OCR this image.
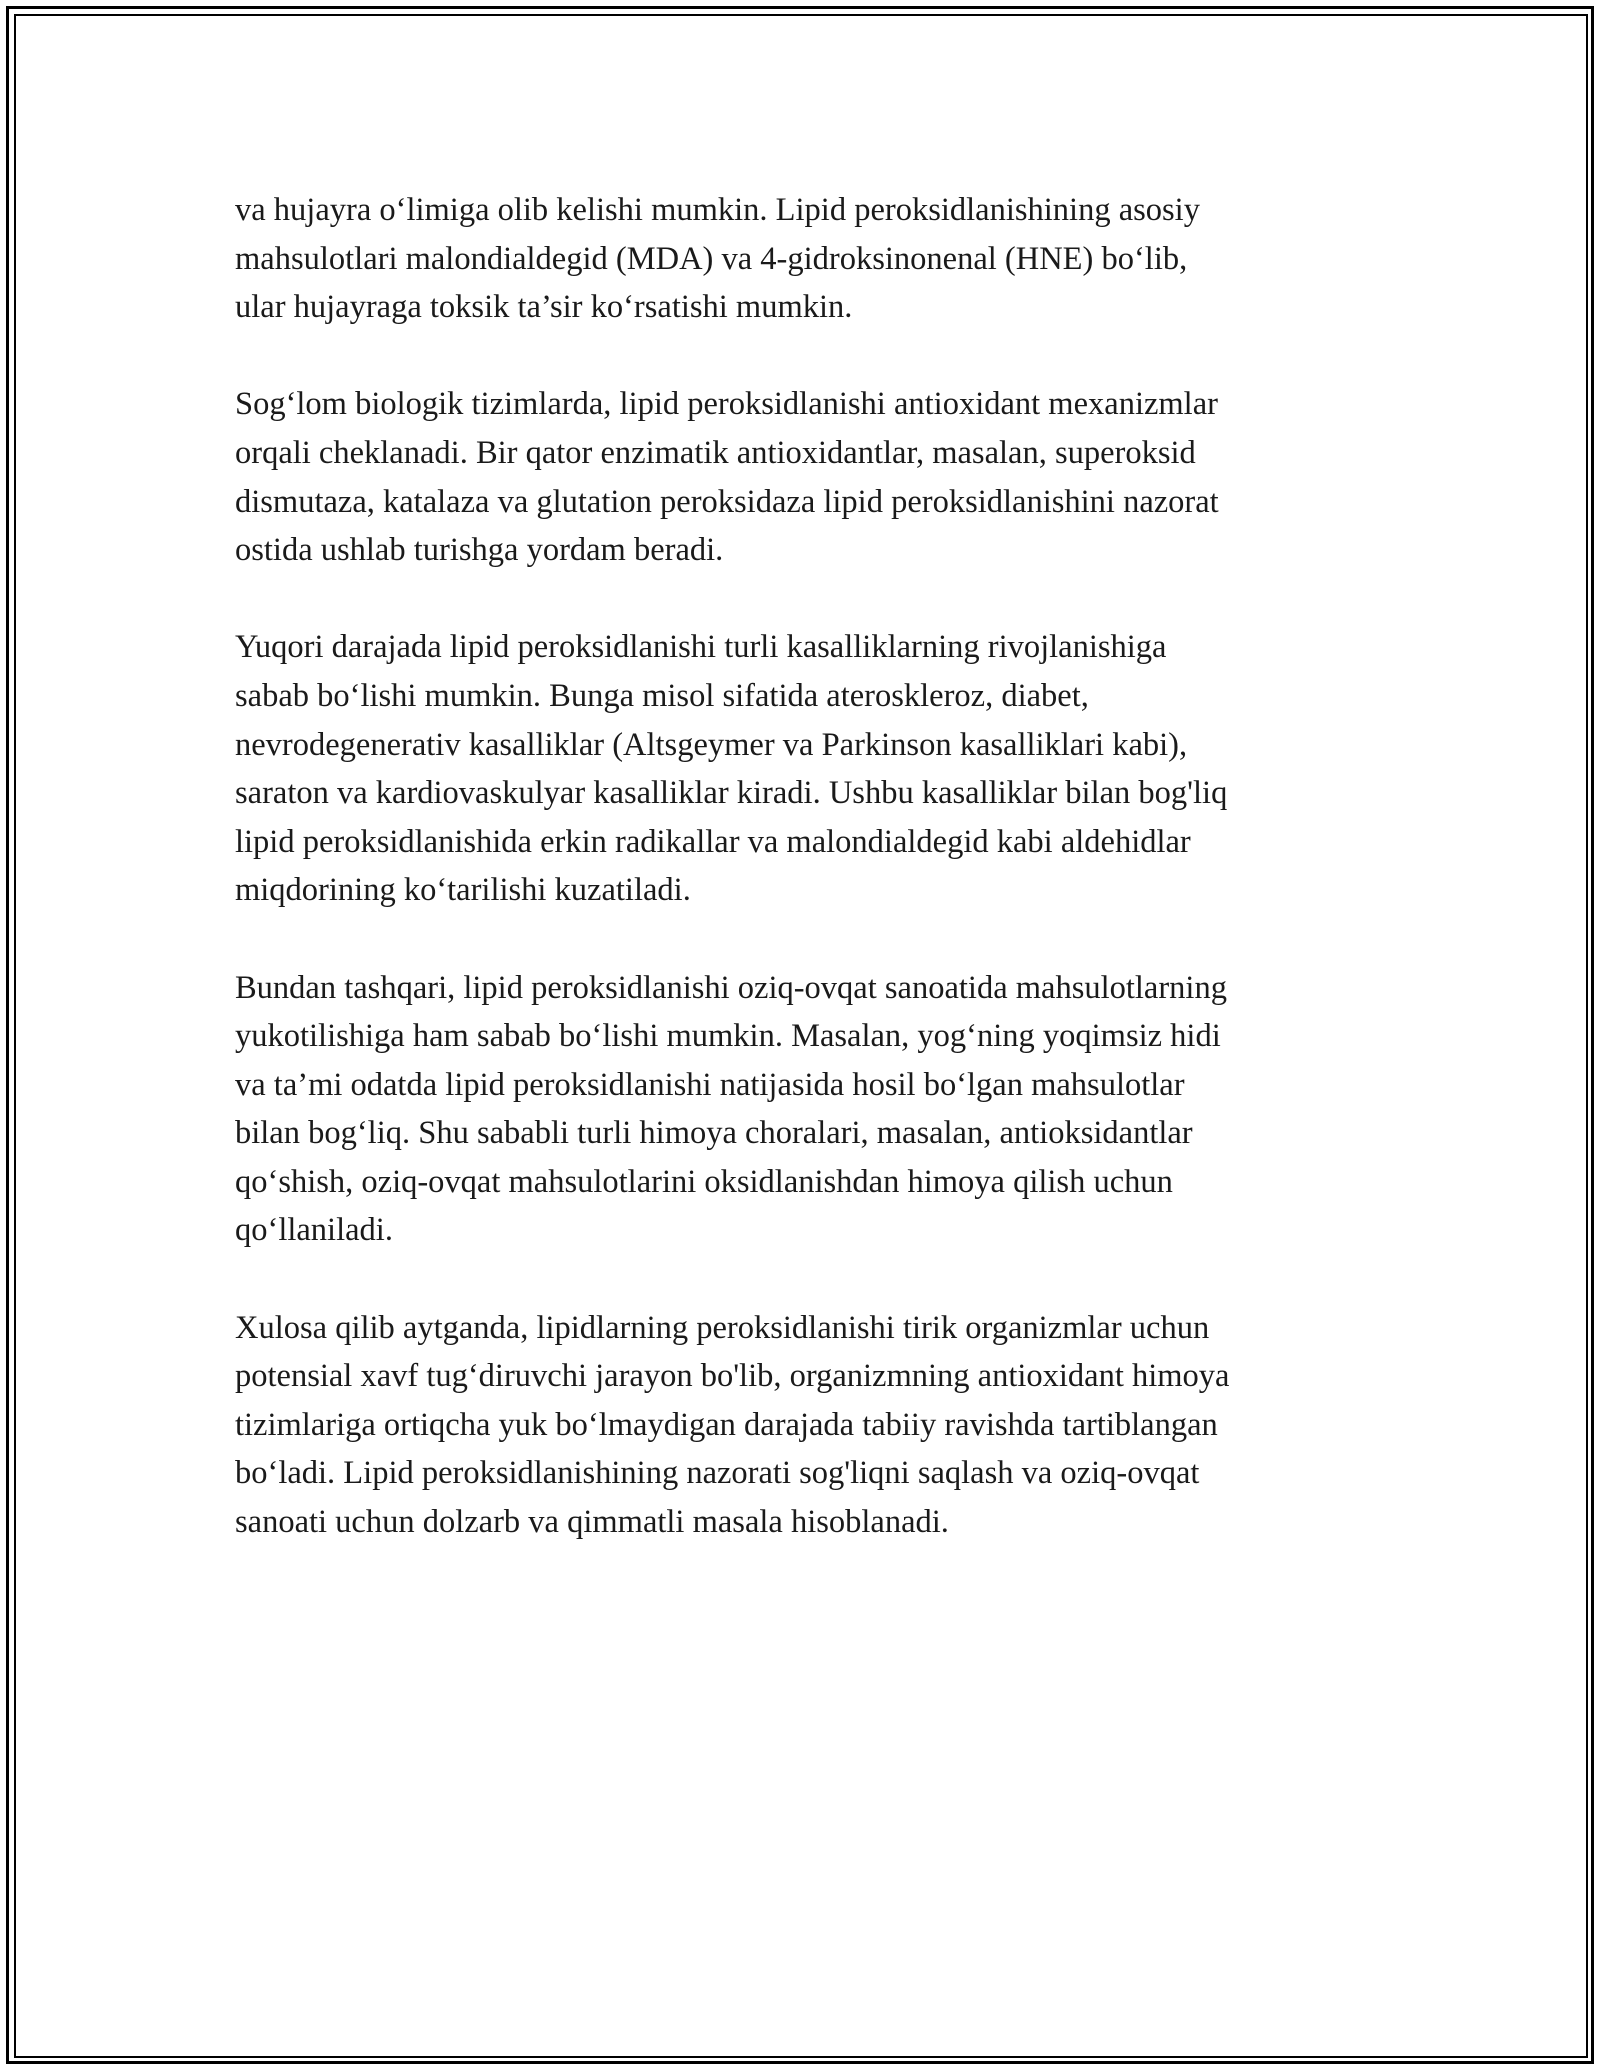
va hujayra o‘limiga olib kelishi mumkin. Lipid peroksidlanishining asosiy
mahsulotlari malondialdegid (MDA) va 4-gidroksinonenal (HNE) bo‘lib,
ular hujayraga toksik ta’sir ko‘rsatishi mumkin.

Sog‘lom biologik tizimlarda, lipid peroksidlanishi antioxidant mexanizmlar
orqali cheklanadi. Bir qator enzimatik antioxidantlar, masalan, superoksid
dismutaza, katalaza va glutation peroksidaza lipid peroksidlanishini nazorat
ostida ushlab turishga yordam beradi.

Yuqori darajada lipid peroksidlanishi turli kasalliklarning rivojlanishiga
sabab bo‘lishi mumkin. Bunga misol sifatida ateroskleroz, diabet,
nevrodegenerativ kasalliklar (Altsgeymer va Parkinson kasalliklari kabi),
saraton va kardiovaskulyar kasalliklar kiradi. Ushbu kasalliklar bilan bog'liq
lipid peroksidlanishida erkin radikallar va malondialdegid kabi aldehidlar
miqdorining ko‘tarilishi kuzatiladi.

Bundan tashqari, lipid peroksidlanishi oziq-ovqat sanoatida mahsulotlarning
yukotilishiga ham sabab bo‘lishi mumkin. Masalan, yog‘ning yoqimsiz hidi
va ta’mi odatda lipid peroksidlanishi natijasida hosil bo‘lgan mahsulotlar
bilan bog‘liq. Shu sababli turli himoya choralari, masalan, antioksidantlar
qo‘shish, oziq-ovqat mahsulotlarini oksidlanishdan himoya qilish uchun
qo‘llaniladi.

Xulosa qilib aytganda, lipidlarning peroksidlanishi tirik organizmlar uchun
potensial xavf tug‘diruvchi jarayon bo'lib, organizmning antioxidant himoya
tizimlariga ortiqcha yuk bo‘lmaydigan darajada tabiiy ravishda tartiblangan
bo‘ladi. Lipid peroksidlanishining nazorati sog'liqni saqlash va oziq-ovqat
sanoati uchun dolzarb va qimmatli masala hisoblanadi.
